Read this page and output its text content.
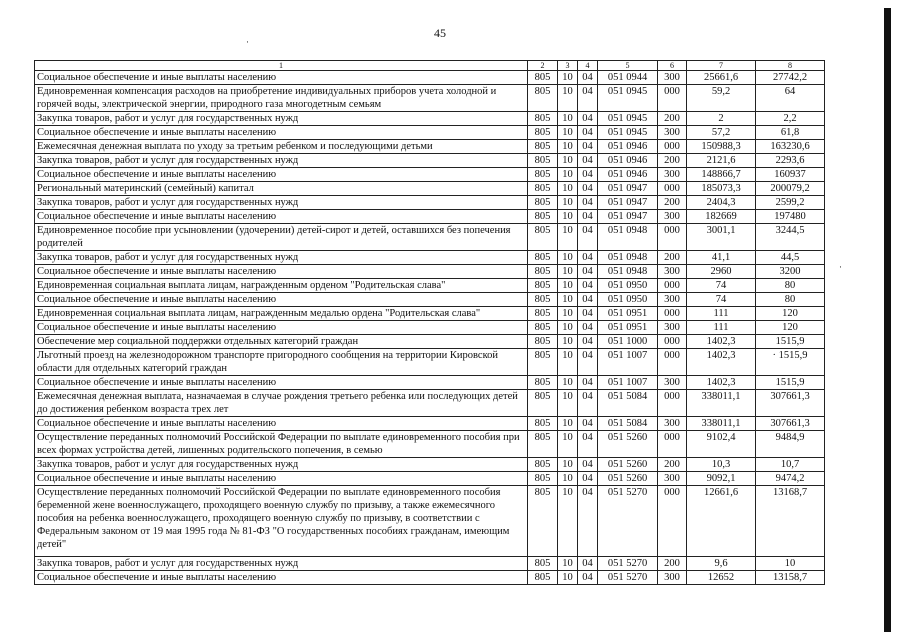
45
·
·
1	2	3	4	5	6	7	8
Социальное обеспечение и иные выплаты населению	805	10	04	051 0944	300	25661,6	27742,2
Единовременная компенсация расходов на приобретение индивидуальных приборов учета холодной и горячей воды, электрической энергии, природного газа многодетным семьям	805	10	04	051 0945	000	59,2	64
Закупка товаров, работ и услуг для государственных нужд	805	10	04	051 0945	200	2	2,2
Социальное обеспечение и иные выплаты населению	805	10	04	051 0945	300	57,2	61,8
Ежемесячная денежная выплата по уходу за третьим ребенком и последующими детьми	805	10	04	051 0946	000	150988,3	163230,6
Закупка товаров, работ и услуг для государственных нужд	805	10	04	051 0946	200	2121,6	2293,6
Социальное обеспечение и иные выплаты населению	805	10	04	051 0946	300	148866,7	160937
Региональный материнский (семейный) капитал	805	10	04	051 0947	000	185073,3	200079,2
Закупка товаров, работ и услуг для государственных нужд	805	10	04	051 0947	200	2404,3	2599,2
Социальное обеспечение и иные выплаты населению	805	10	04	051 0947	300	182669	197480
Единовременное пособие при усыновлении (удочерении) детей-сирот и детей, оставшихся без попечения родителей	805	10	04	051 0948	000	3001,1	3244,5
Закупка товаров, работ и услуг для государственных нужд	805	10	04	051 0948	200	41,1	44,5
Социальное обеспечение и иные выплаты населению	805	10	04	051 0948	300	2960	3200
Единовременная социальная выплата лицам, награжденным орденом "Родительская слава"	805	10	04	051 0950	000	74	80
Социальное обеспечение и иные выплаты населению	805	10	04	051 0950	300	74	80
Единовременная социальная выплата лицам, награжденным медалью ордена "Родительская слава"	805	10	04	051 0951	000	111	120
Социальное обеспечение и иные выплаты населению	805	10	04	051 0951	300	111	120
Обеспечение мер социальной поддержки отдельных категорий граждан	805	10	04	051 1000	000	1402,3	1515,9
Льготный проезд на железнодорожном транспорте пригородного сообщения на территории Кировской области для отдельных категорий граждан	805	10	04	051 1007	000	1402,3	· 1515,9
Социальное обеспечение и иные выплаты населению	805	10	04	051 1007	300	1402,3	1515,9
Ежемесячная денежная выплата, назначаемая в случае рождения третьего ребенка или последующих детей до достижения ребенком возраста трех лет	805	10	04	051 5084	000	338011,1	307661,3
Социальное обеспечение и иные выплаты населению	805	10	04	051 5084	300	338011,1	307661,3
Осуществление переданных полномочий Российской Федерации по выплате единовременного пособия при всех формах устройства детей, лишенных родительского попечения, в семью	805	10	04	051 5260	000	9102,4	9484,9
Закупка товаров, работ и услуг для государственных нужд	805	10	04	051 5260	200	10,3	10,7
Социальное обеспечение и иные выплаты населению	805	10	04	051 5260	300	9092,1	9474,2
Осуществление переданных полномочий Российской Федерации по выплате единовременного пособия беременной жене военнослужащего, проходящего военную службу по призыву, а также ежемесячного пособия на ребенка военнослужащего, проходящего военную службу по призыву, в соответствии с Федеральным законом от 19 мая 1995 года № 81-ФЗ "О государственных пособиях гражданам, имеющим детей"	805	10	04	051 5270	000	12661,6	13168,7
Закупка товаров, работ и услуг для государственных нужд	805	10	04	051 5270	200	9,6	10
Социальное обеспечение и иные выплаты населению	805	10	04	051 5270	300	12652	13158,7
